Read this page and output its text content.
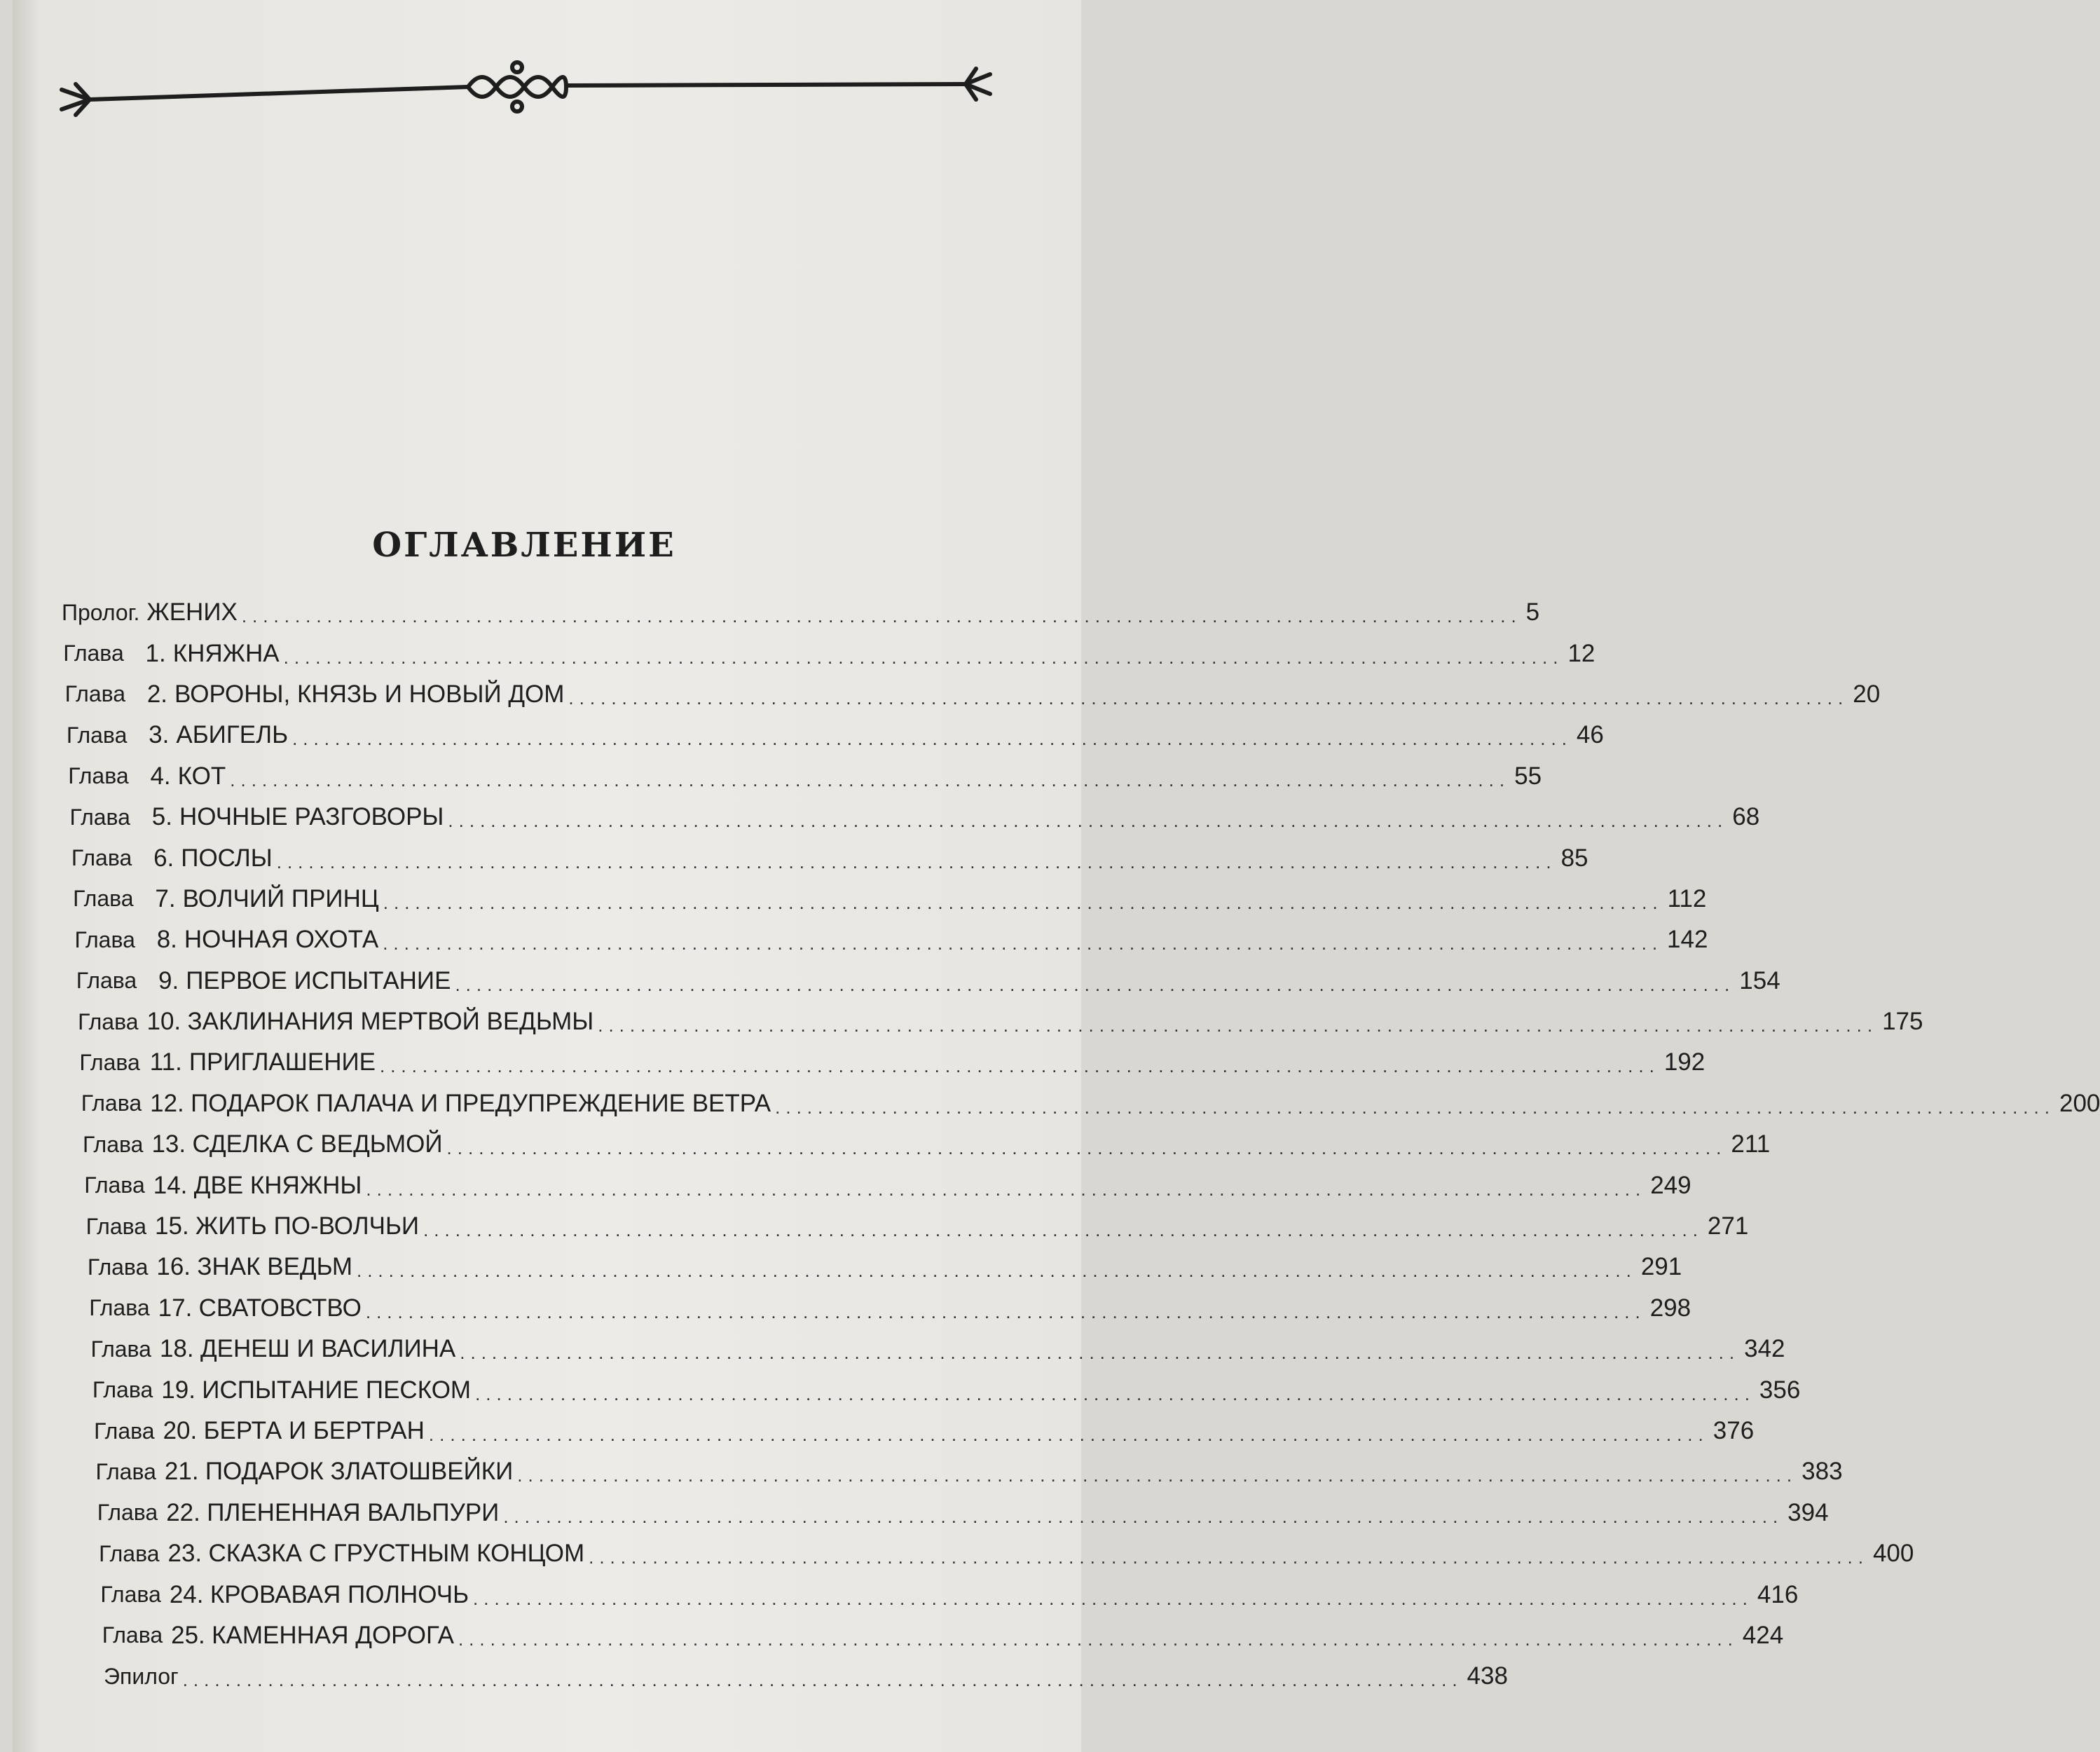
ОГЛАВЛЕНИЕ
Пролог. ЖЕНИХ ........................................................................................................................ 5
Глава 1. КНЯЖНА ........................................................................................................................ 12
Глава 2. ВОРОНЫ, КНЯЗЬ И НОВЫЙ ДОМ ........................................................................................................................ 20
Глава 3. АБИГЕЛЬ ........................................................................................................................ 46
Глава 4. КОТ ........................................................................................................................ 55
Глава 5. НОЧНЫЕ РАЗГОВОРЫ ........................................................................................................................ 68
Глава 6. ПОСЛЫ ........................................................................................................................ 85
Глава 7. ВОЛЧИЙ ПРИНЦ ........................................................................................................................ 112
Глава 8. НОЧНАЯ ОХОТА ........................................................................................................................ 142
Глава 9. ПЕРВОЕ ИСПЫТАНИЕ ........................................................................................................................ 154
Глава 10. ЗАКЛИНАНИЯ МЕРТВОЙ ВЕДЬМЫ ........................................................................................................................ 175
Глава 11. ПРИГЛАШЕНИЕ ........................................................................................................................ 192
Глава 12. ПОДАРОК ПАЛАЧА И ПРЕДУПРЕЖДЕНИЕ ВЕТРА ........................................................................................................................ 200
Глава 13. СДЕЛКА С ВЕДЬМОЙ ........................................................................................................................ 211
Глава 14. ДВЕ КНЯЖНЫ ........................................................................................................................ 249
Глава 15. ЖИТЬ ПО-ВОЛЧЬИ ........................................................................................................................ 271
Глава 16. ЗНАК ВЕДЬМ ........................................................................................................................ 291
Глава 17. СВАТОВСТВО ........................................................................................................................ 298
Глава 18. ДЕНЕШ И ВАСИЛИНА ........................................................................................................................ 342
Глава 19. ИСПЫТАНИЕ ПЕСКОМ ........................................................................................................................ 356
Глава 20. БЕРТА И БЕРТРАН ........................................................................................................................ 376
Глава 21. ПОДАРОК ЗЛАТОШВЕЙКИ ........................................................................................................................ 383
Глава 22. ПЛЕНЕННАЯ ВАЛЬПУРИ ........................................................................................................................ 394
Глава 23. СКАЗКА С ГРУСТНЫМ КОНЦОМ ........................................................................................................................ 400
Глава 24. КРОВАВАЯ ПОЛНОЧЬ ........................................................................................................................ 416
Глава 25. КАМЕННАЯ ДОРОГА ........................................................................................................................ 424
Эпилог ........................................................................................................................ 438
